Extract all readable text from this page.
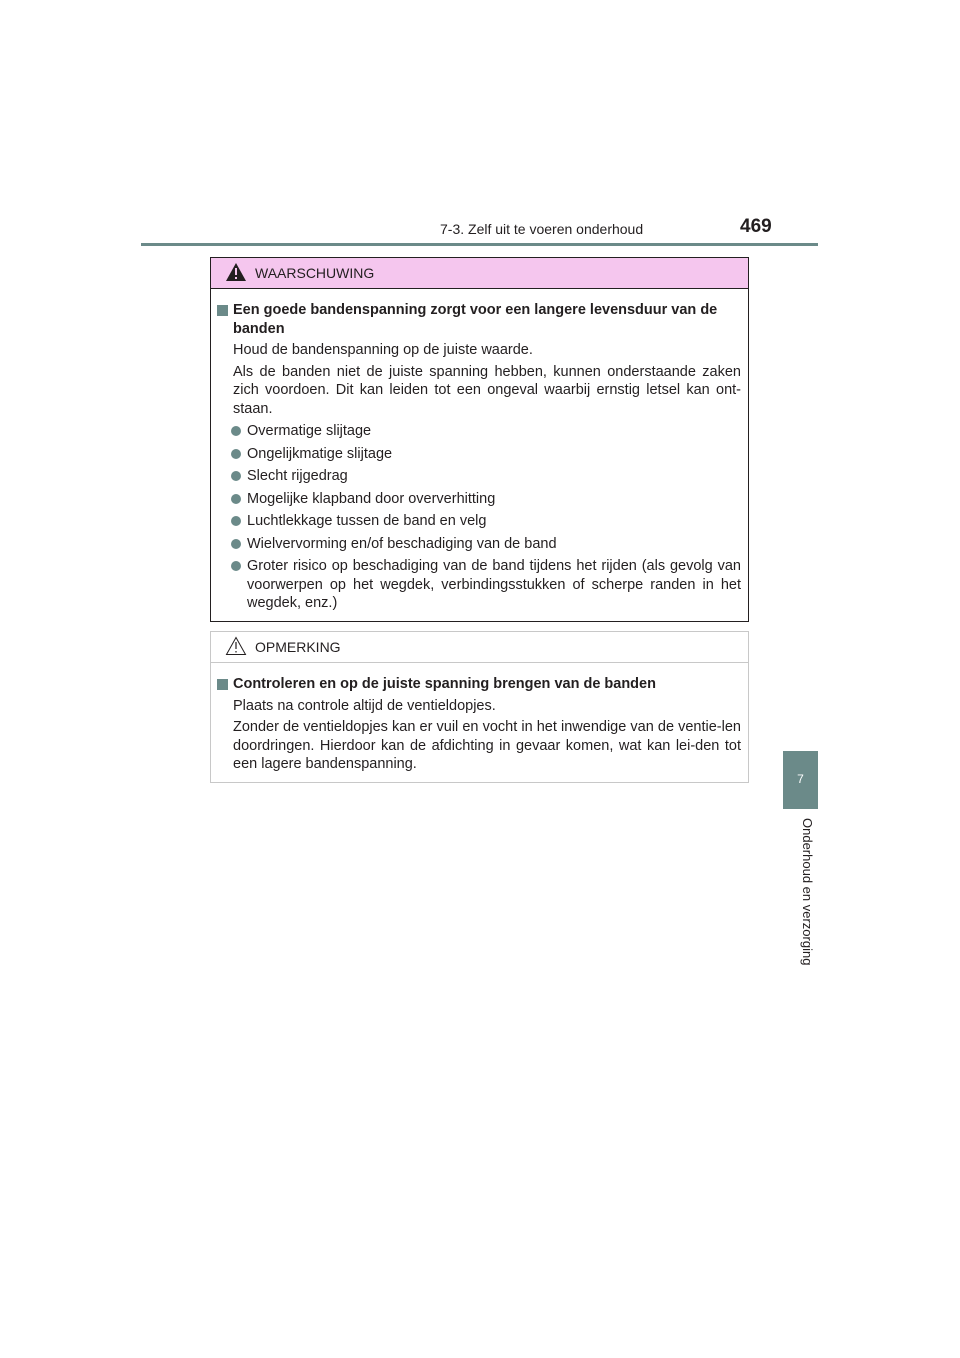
7-3. Zelf uit te voeren onderhoud	469
7
Onderhoud en verzorging
WAARSCHUWING
Een goede bandenspanning zorgt voor een langere levensduur van de banden
Houd de bandenspanning op de juiste waarde.
Als de banden niet de juiste spanning hebben, kunnen onderstaande zaken zich voordoen. Dit kan leiden tot een ongeval waarbij ernstig letsel kan ont-staan.
Overmatige slijtage
Ongelijkmatige slijtage
Slecht rijgedrag
Mogelijke klapband door oververhitting
Luchtlekkage tussen de band en velg
Wielvervorming en/of beschadiging van de band
Groter risico op beschadiging van de band tijdens het rijden (als gevolg van voorwerpen op het wegdek, verbindingsstukken of scherpe randen in het wegdek, enz.)
OPMERKING
Controleren en op de juiste spanning brengen van de banden
Plaats na controle altijd de ventieldopjes.
Zonder de ventieldopjes kan er vuil en vocht in het inwendige van de ventie-len doordringen. Hierdoor kan de afdichting in gevaar komen, wat kan lei-den tot een lagere bandenspanning.
